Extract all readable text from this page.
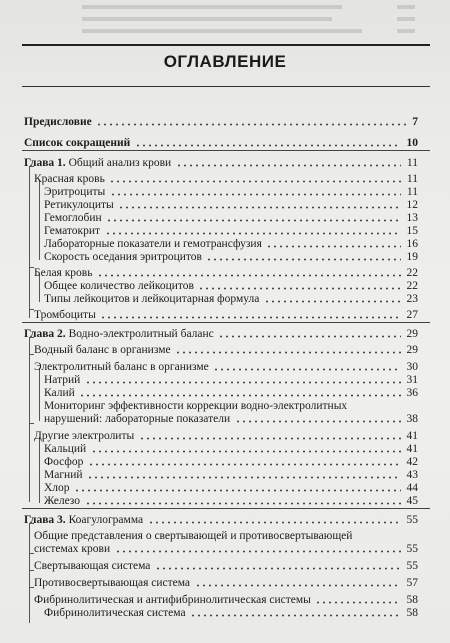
ОГЛАВЛЕНИЕ
Предисловие	7
Список сокращений	10
Глава 1. Общий анализ крови	11
Красная кровь	11
Эритроциты	11
Ретикулоциты	12
Гемоглобин	13
Гематокрит	15
Лабораторные показатели и гемотрансфузия	16
Скорость оседания эритроцитов	19
Белая кровь	22
Общее количество лейкоцитов	22
Типы лейкоцитов и лейкоцитарная формула	23
Тромбоциты	27
Глава 2. Водно-электролитный баланс	29
Водный баланс в организме	29
Электролитный баланс в организме	30
Натрий	31
Калий	36
Мониторинг эффективности коррекции водно-электролитных
нарушений: лабораторные показатели	38
Другие электролиты	41
Кальций	41
Фосфор	42
Магний	43
Хлор	44
Железо	45
Глава 3. Коагулограмма	55
Общие представления о свертывающей и противосвертывающей
системах крови	55
Свертывающая система	55
Противосвертывающая система	57
Фибринолитическая и антифибринолитическая системы	58
Фибринолитическая система	58
